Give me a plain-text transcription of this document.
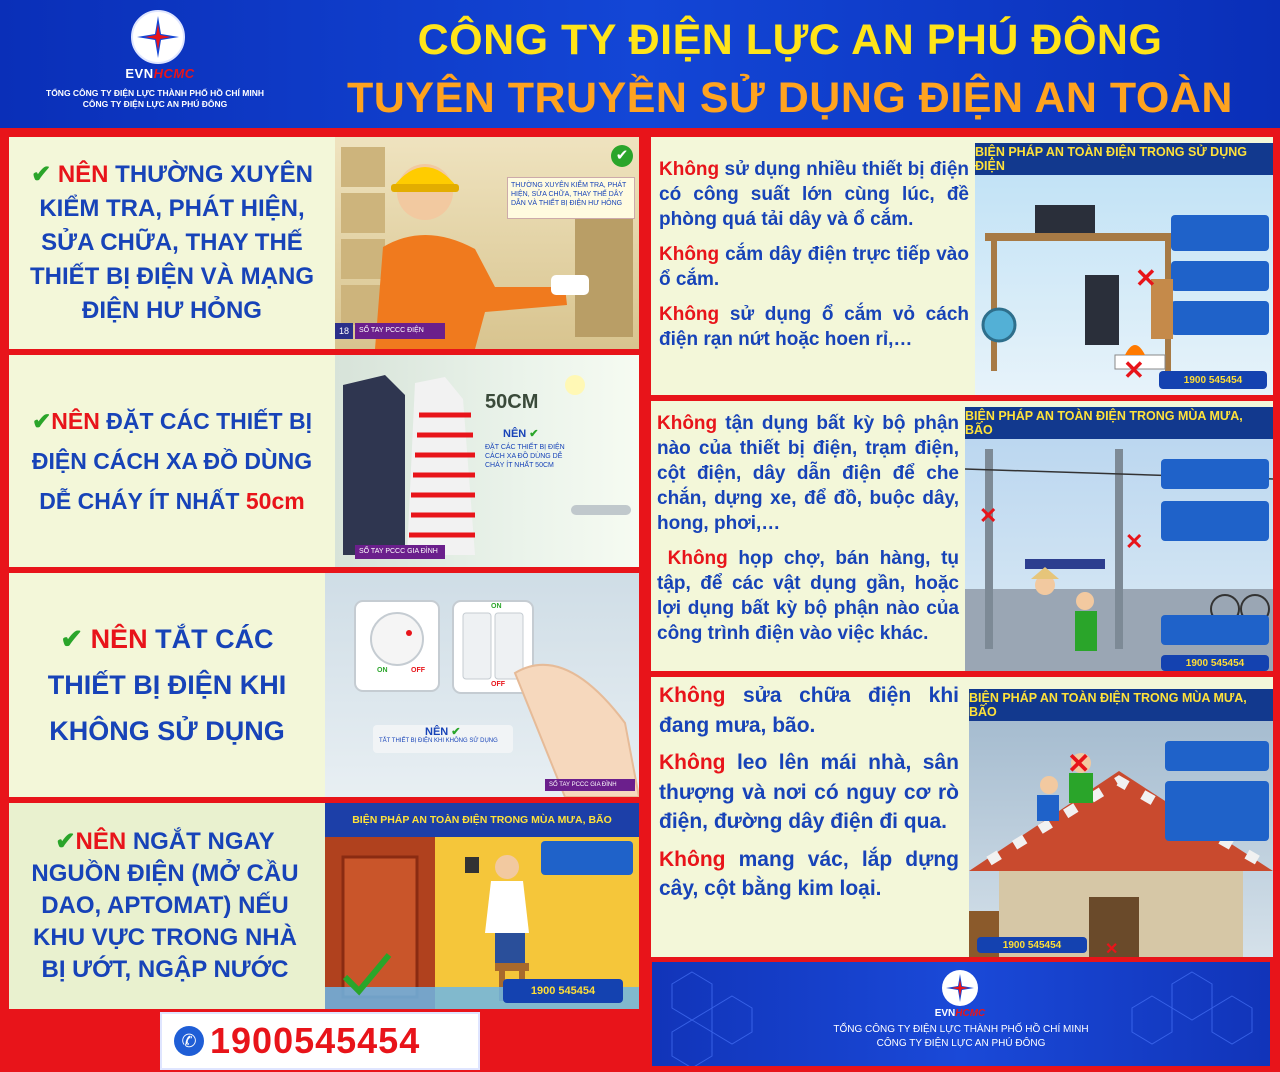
EVNHCMC
TỔNG CÔNG TY ĐIỆN LỰC THÀNH PHỐ HỒ CHÍ MINH
CÔNG TY ĐIỆN LỰC AN PHÚ ĐÔNG
CÔNG TY ĐIỆN LỰC AN PHÚ ĐÔNG
TUYÊN TRUYỀN SỬ DỤNG ĐIỆN AN TOÀN
✔ NÊN THƯỜNG XUYÊN
KIỂM TRA, PHÁT HIỆN,
SỬA CHỮA, THAY THẾ
THIẾT BỊ ĐIỆN VÀ MẠNG
ĐIỆN HƯ HỎNG
THƯỜNG XUYÊN KIỂM TRA, PHÁT HIỆN, SỬA CHỮA, THAY THẾ DÂY DẪN VÀ THIẾT BỊ ĐIỆN HƯ HỎNG
✔
18	SỔ TAY PCCC ĐIỆN
✔NÊN ĐẶT CÁC THIẾT BỊ
ĐIỆN CÁCH XA ĐỒ DÙNG
DỄ CHÁY ÍT NHẤT 50cm
50CM
NÊN ✔
ĐẶT CÁC THIẾT BỊ ĐIỆN CÁCH XA ĐỒ DÙNG DỄ CHÁY ÍT NHẤT 50CM
SỔ TAY PCCC GIA ĐÌNH
✔ NÊN TẮT CÁC
THIẾT BỊ ĐIỆN KHI
KHÔNG SỬ DỤNG
ON	OFF
ON
OFF
NÊN ✔
TẮT THIẾT BỊ ĐIỆN KHI KHÔNG SỬ DỤNG
SỔ TAY PCCC GIA ĐÌNH
✔NÊN NGẮT NGAY
NGUỒN ĐIỆN (MỞ CẦU
DAO, APTOMAT) NẾU
KHU VỰC TRONG NHÀ
BỊ ƯỚT, NGẬP NƯỚC
BIỆN PHÁP AN TOÀN ĐIỆN TRONG MÙA MƯA, BÃO
1900 545454
✆ 1900545454

Không sử dụng nhiều thiết bị điện có công suất lớn cùng lúc, đề phòng quá tải dây và ổ cắm.

Không cắm dây điện trực tiếp vào ổ cắm.

Không sử dụng ổ cắm vỏ cách điện rạn nứt hoặc hoen rỉ,…

BIỆN PHÁP AN TOÀN ĐIỆN TRONG SỬ DỤNG ĐIỆN
✕
✕	1900 545454

Không tận dụng bất kỳ bộ phận nào của thiết bị điện, trạm điện, cột điện, dây dẫn điện để che chắn, dựng xe, để đồ, buộc dây, hong, phơi,…

Không họp chợ, bán hàng, tụ tập, để các vật dụng gần, hoặc lợi dụng bất kỳ bộ phận nào của công trình điện vào việc khác.

BIỆN PHÁP AN TOÀN ĐIỆN TRONG MÙA MƯA, BÃO
✕
✕
1900 545454

Không sửa chữa điện khi đang mưa, bão.

Không leo lên mái nhà, sân thượng và nơi có nguy cơ rò điện, đường dây điện đi qua.

Không mang vác, lắp dựng cây, cột bằng kim loại.

BIỆN PHÁP AN TOÀN ĐIỆN TRONG MÙA MƯA, BÃO
✕
✕
1900 545454
EVNHCMC
TỔNG CÔNG TY ĐIỆN LỰC THÀNH PHỐ HỒ CHÍ MINH
CÔNG TY ĐIỆN LỰC AN PHÚ ĐÔNG
